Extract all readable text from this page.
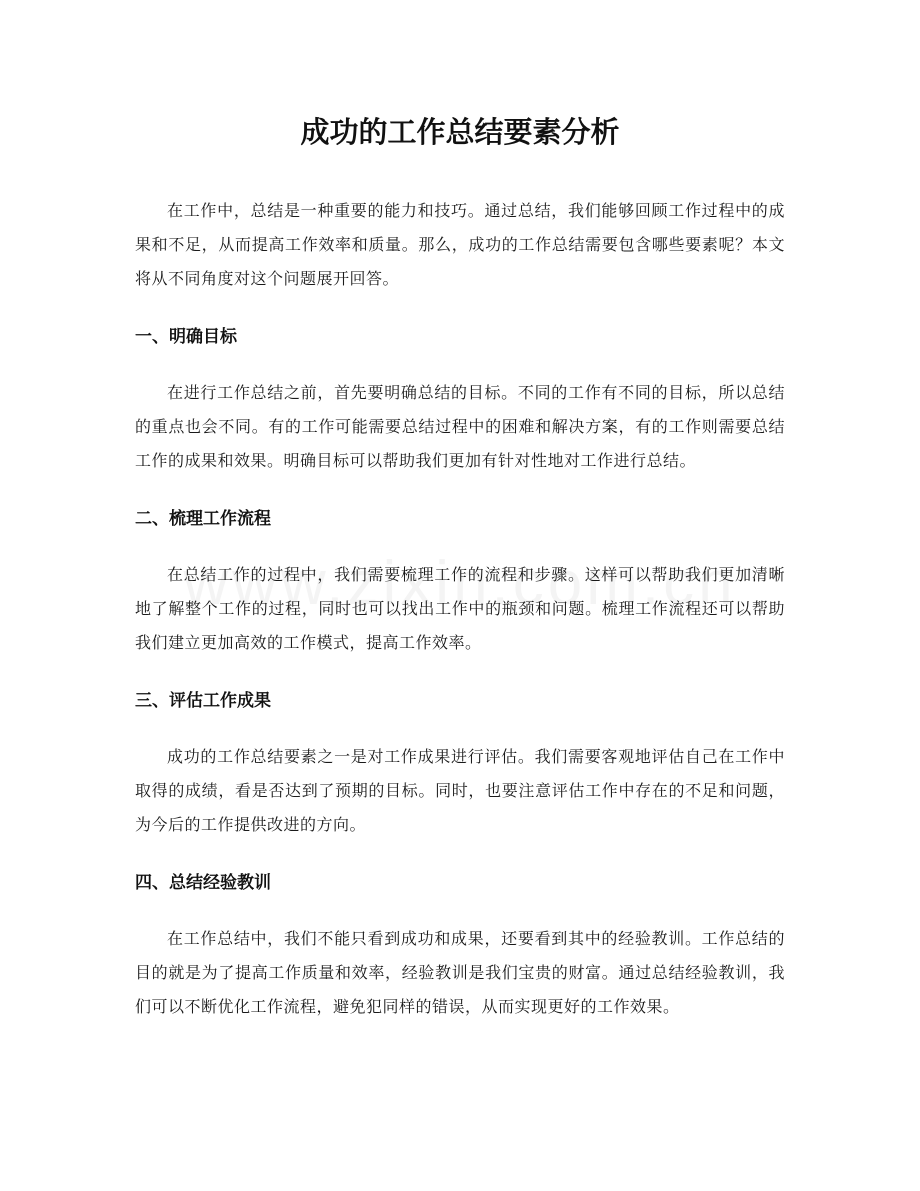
成功的工作总结要素分析

在工作中，总结是一种重要的能力和技巧。通过总结，我们能够回顾工作过程中的成果和不足，从而提高工作效率和质量。那么，成功的工作总结需要包含哪些要素呢？本文将从不同角度对这个问题展开回答。

一、明确目标

在进行工作总结之前，首先要明确总结的目标。不同的工作有不同的目标，所以总结的重点也会不同。有的工作可能需要总结过程中的困难和解决方案，有的工作则需要总结工作的成果和效果。明确目标可以帮助我们更加有针对性地对工作进行总结。

二、梳理工作流程

在总结工作的过程中，我们需要梳理工作的流程和步骤。这样可以帮助我们更加清晰地了解整个工作的过程，同时也可以找出工作中的瓶颈和问题。梳理工作流程还可以帮助我们建立更加高效的工作模式，提高工作效率。

三、评估工作成果

成功的工作总结要素之一是对工作成果进行评估。我们需要客观地评估自己在工作中取得的成绩，看是否达到了预期的目标。同时，也要注意评估工作中存在的不足和问题，为今后的工作提供改进的方向。

四、总结经验教训

在工作总结中，我们不能只看到成功和成果，还要看到其中的经验教训。工作总结的目的就是为了提高工作质量和效率，经验教训是我们宝贵的财富。通过总结经验教训，我们可以不断优化工作流程，避免犯同样的错误，从而实现更好的工作效果。
